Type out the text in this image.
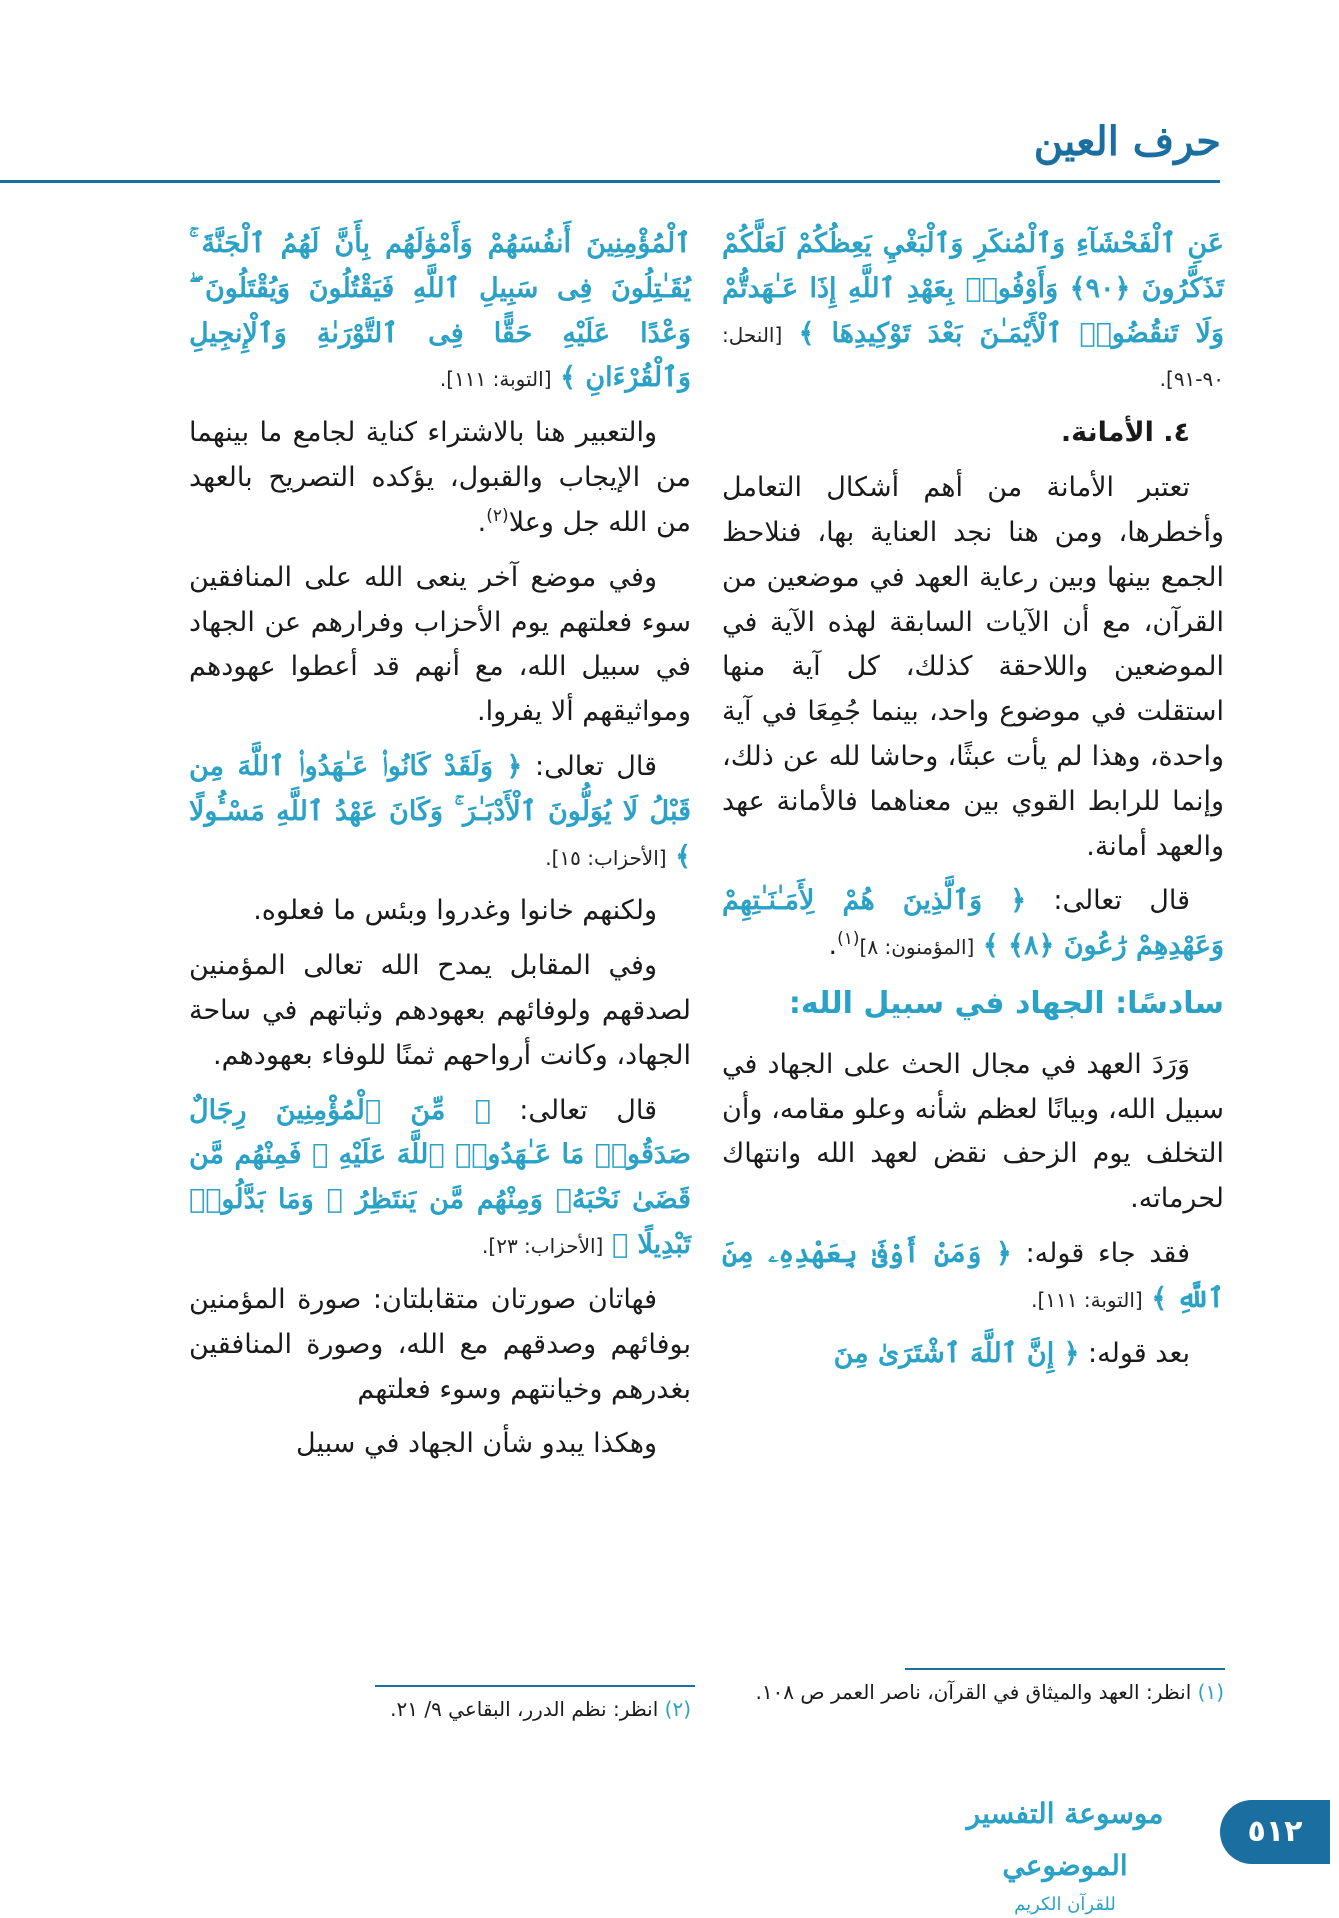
حرف العين

عَنِ ٱلْفَحْشَآءِ وَٱلْمُنكَرِ وَٱلْبَغْيِ يَعِظُكُمْ لَعَلَّكُمْ تَذَكَّرُونَ ﴿٩٠﴾ وَأَوْفُوا۟ بِعَهْدِ ٱللَّهِ إِذَا عَـٰهَدتُّمْ وَلَا تَنقُضُوا۟ ٱلْأَيْمَـٰنَ بَعْدَ تَوْكِيدِهَا ﴾ [النحل: ٩٠-٩١].

٤. الأمانة.

تعتبر الأمانة من أهم أشكال التعامل وأخطرها، ومن هنا نجد العناية بها، فنلاحظ الجمع بينها وبين رعاية العهد في موضعين من القرآن، مع أن الآيات السابقة لهذه الآية في الموضعين واللاحقة كذلك، كل آية منها استقلت في موضوع واحد، بينما جُمِعَا في آية واحدة، وهذا لم يأت عبثًا، وحاشا لله عن ذلك، وإنما للرابط القوي بين معناهما فالأمانة عهد والعهد أمانة.

قال تعالى: ﴿ وَٱلَّذِينَ هُمْ لِأَمَـٰنَـٰتِهِمْ وَعَهْدِهِمْ رَٰعُونَ ﴿٨﴾ ﴾ [المؤمنون: ٨]$^{(١)}$.

سادسًا: الجهاد في سبيل الله:

وَرَدَ العهد في مجال الحث على الجهاد في سبيل الله، وبيانًا لعظم شأنه وعلو مقامه، وأن التخلف يوم الزحف نقض لعهد الله وانتهاك لحرماته.

فقد جاء قوله: ﴿ وَمَنْ أَوْفَىٰ بِعَهْدِهِۦ مِنَ ٱللَّهِ ﴾ [التوبة: ١١١].

بعد قوله: ﴿ إِنَّ ٱللَّهَ ٱشْتَرَىٰ مِنَ

ٱلْمُؤْمِنِينَ أَنفُسَهُمْ وَأَمْوَٰلَهُم بِأَنَّ لَهُمُ ٱلْجَنَّةَ ۚ يُقَـٰتِلُونَ فِى سَبِيلِ ٱللَّهِ فَيَقْتُلُونَ وَيُقْتَلُونَ ۖ وَعْدًا عَلَيْهِ حَقًّا فِى ٱلتَّوْرَىٰةِ وَٱلْإِنجِيلِ وَٱلْقُرْءَانِ ﴾ [التوبة: ١١١].

والتعبير هنا بالاشتراء كناية لجامع ما بينهما من الإيجاب والقبول، يؤكده التصريح بالعهد من الله جل وعلا$^{(٢)}$.

وفي موضع آخر ينعى الله على المنافقين سوء فعلتهم يوم الأحزاب وفرارهم عن الجهاد في سبيل الله، مع أنهم قد أعطوا عهودهم ومواثيقهم ألا يفروا.

قال تعالى: ﴿ وَلَقَدْ كَانُوا۟ عَـٰهَدُوا۟ ٱللَّهَ مِن قَبْلُ لَا يُوَلُّونَ ٱلْأَدْبَـٰرَ ۚ وَكَانَ عَهْدُ ٱللَّهِ مَسْـُٔولًا ﴾ [الأحزاب: ١٥].

ولكنهم خانوا وغدروا وبئس ما فعلوه.

وفي المقابل يمدح الله تعالى المؤمنين لصدقهم ولوفائهم بعهودهم وثباتهم في ساحة الجهاد، وكانت أرواحهم ثمنًا للوفاء بعهودهم.

قال تعالى: ﴿ مِّنَ ٱلْمُؤْمِنِينَ رِجَالٌ صَدَقُوا۟ مَا عَـٰهَدُوا۟ ٱللَّهَ عَلَيْهِ ۖ فَمِنْهُم مَّن قَضَىٰ نَحْبَهُۥ وَمِنْهُم مَّن يَنتَظِرُ ۖ وَمَا بَدَّلُوا۟ تَبْدِيلًا ﴾ [الأحزاب: ٢٣].

فهاتان صورتان متقابلتان: صورة المؤمنين بوفائهم وصدقهم مع الله، وصورة المنافقين بغدرهم وخيانتهم وسوء فعلتهم

وهكذا يبدو شأن الجهاد في سبيل

(١) انظر: العهد والميثاق في القرآن، ناصر العمر ص ١٠٨.
(٢) انظر: نظم الدرر، البقاعي ٩/ ٢١.
٥١٢
موسوعة التفسير الموضوعي
للقرآن الكريم
